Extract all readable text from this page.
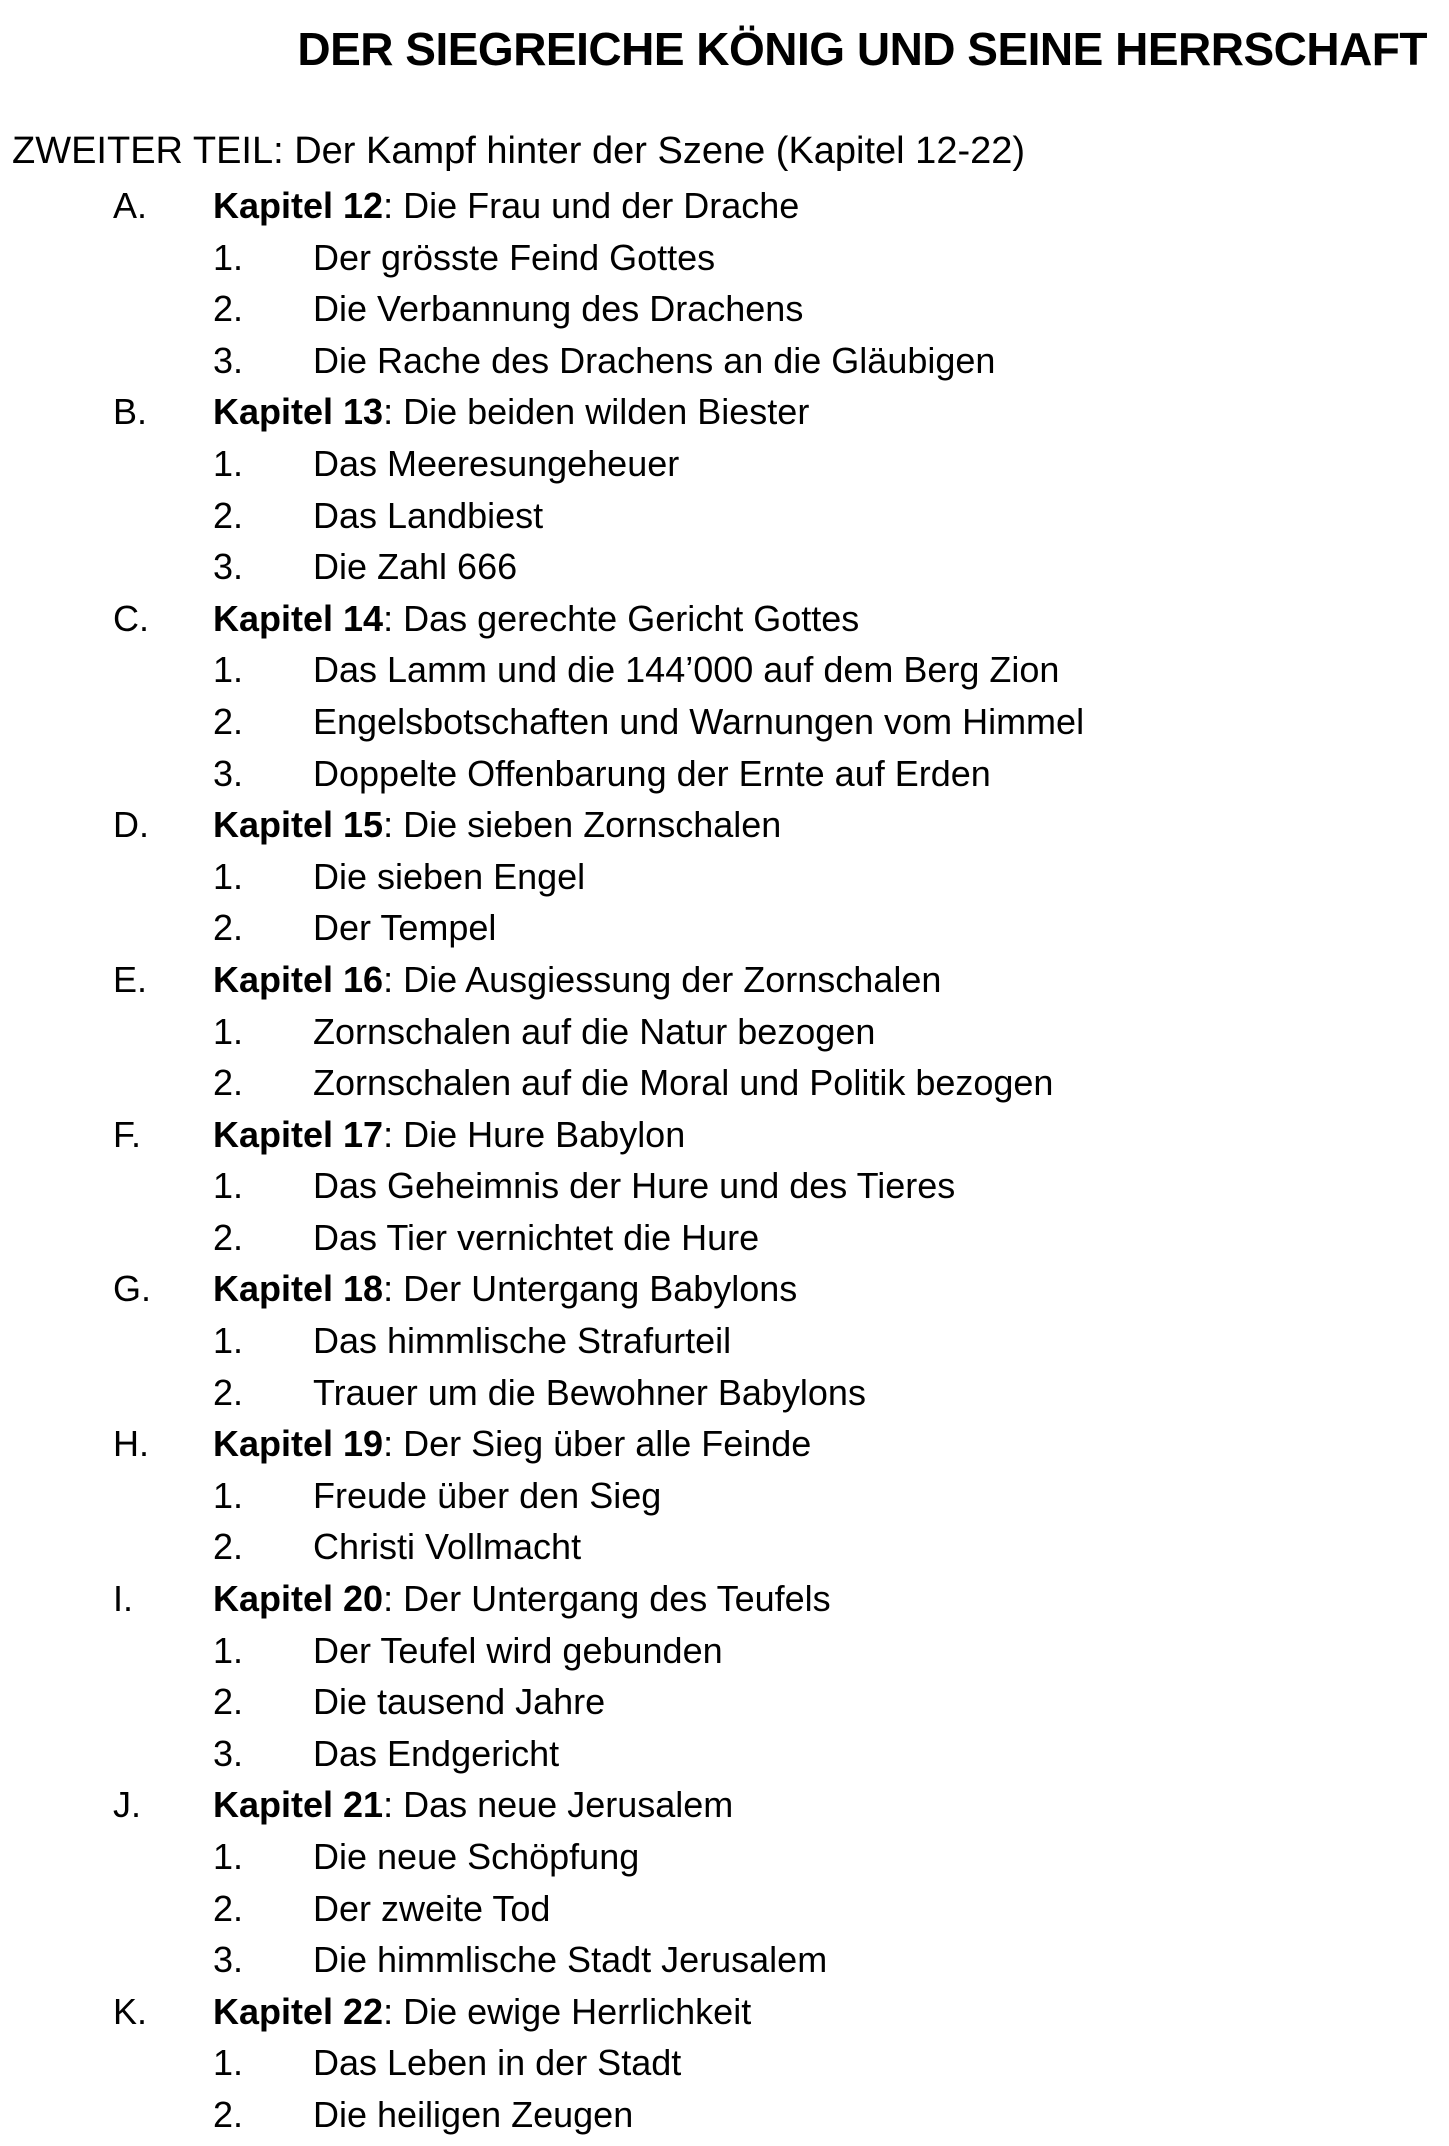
DER SIEGREICHE KÖNIG UND SEINE HERRSCHAFT

ZWEITER TEIL: Der Kampf hinter der Szene (Kapitel 12-22)

A. Kapitel 12: Die Frau und der Drache
1. Der grösste Feind Gottes
2. Die Verbannung des Drachens
3. Die Rache des Drachens an die Gläubigen
B. Kapitel 13: Die beiden wilden Biester
1. Das Meeresungeheuer
2. Das Landbiest
3. Die Zahl 666
C. Kapitel 14: Das gerechte Gericht Gottes
1. Das Lamm und die 144’000 auf dem Berg Zion
2. Engelsbotschaften und Warnungen vom Himmel
3. Doppelte Offenbarung der Ernte auf Erden
D. Kapitel 15: Die sieben Zornschalen
1. Die sieben Engel
2. Der Tempel
E. Kapitel 16: Die Ausgiessung der Zornschalen
1. Zornschalen auf die Natur bezogen
2. Zornschalen auf die Moral und Politik bezogen
F. Kapitel 17: Die Hure Babylon
1. Das Geheimnis der Hure und des Tieres
2. Das Tier vernichtet die Hure
G. Kapitel 18: Der Untergang Babylons
1. Das himmlische Strafurteil
2. Trauer um die Bewohner Babylons
H. Kapitel 19: Der Sieg über alle Feinde
1. Freude über den Sieg
2. Christi Vollmacht
I. Kapitel 20: Der Untergang des Teufels
1. Der Teufel wird gebunden
2. Die tausend Jahre
3. Das Endgericht
J. Kapitel 21: Das neue Jerusalem
1. Die neue Schöpfung
2. Der zweite Tod
3. Die himmlische Stadt Jerusalem
K. Kapitel 22: Die ewige Herrlichkeit
1. Das Leben in der Stadt
2. Die heiligen Zeugen
